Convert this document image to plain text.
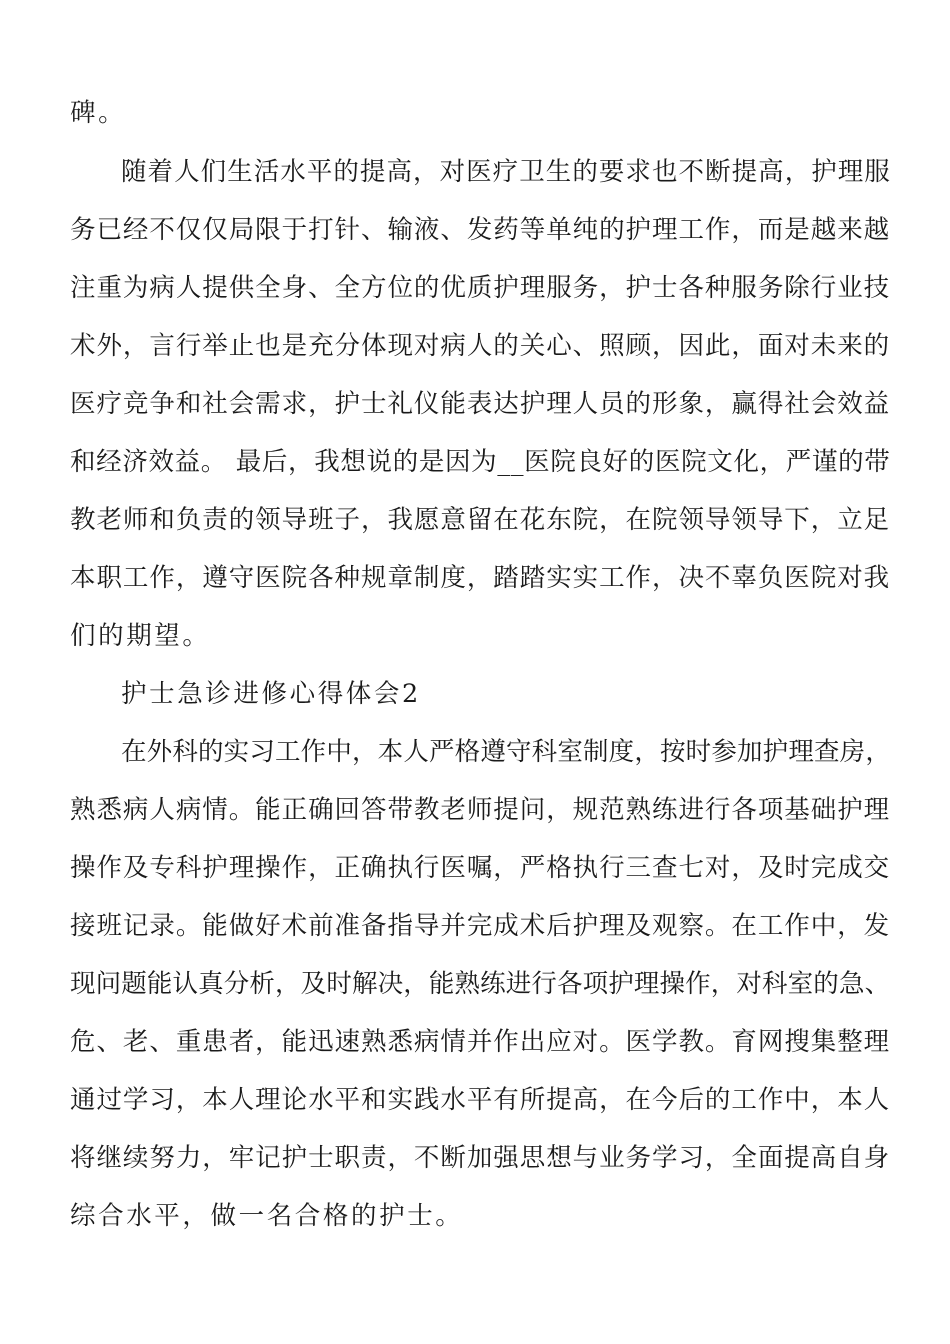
碑。
随着人们生活水平的提高，对医疗卫生的要求也不断提高，护理服
务已经不仅仅局限于打针、输液、发药等单纯的护理工作，而是越来越
注重为病人提供全身、全方位的优质护理服务，护士各种服务除行业技
术外，言行举止也是充分体现对病人的关心、照顾，因此，面对未来的
医疗竞争和社会需求，护士礼仪能表达护理人员的形象，赢得社会效益
和经济效益。 最后，我想说的是因为__医院良好的医院文化，严谨的带
教老师和负责的领导班子，我愿意留在花东院，在院领导领导下，立足
本职工作，遵守医院各种规章制度，踏踏实实工作，决不辜负医院对我
们的期望。
护士急诊进修心得体会2
在外科的实习工作中，本人严格遵守科室制度，按时参加护理查房，
熟悉病人病情。能正确回答带教老师提问，规范熟练进行各项基础护理
操作及专科护理操作，正确执行医嘱，严格执行三查七对，及时完成交
接班记录。能做好术前准备指导并完成术后护理及观察。在工作中，发
现问题能认真分析，及时解决，能熟练进行各项护理操作，对科室的急、
危、老、重患者，能迅速熟悉病情并作出应对。医学教。育网搜集整理
通过学习，本人理论水平和实践水平有所提高，在今后的工作中，本人
将继续努力，牢记护士职责，不断加强思想与业务学习，全面提高自身
综合水平，做一名合格的护士。
